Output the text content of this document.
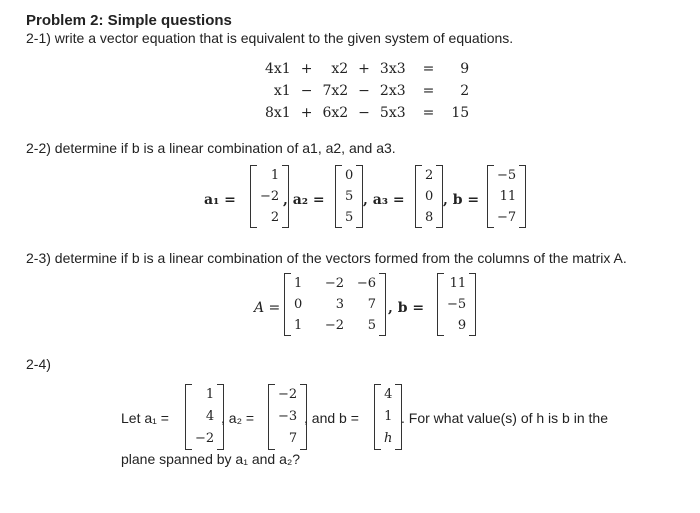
Problem 2: Simple questions
2-1) write a vector equation that is equivalent to the given system of equations.
4x1	+	x2	+	3x3	=	9
x1	−	7x2	−	2x3	=	2
8x1	+	6x2	−	5x3	=	15
2-2) determine if b is a linear combination of a1, a2, and a3.
a₁ =
1
−2
2
, a₂ =
0
5
5
, a₃ =
2
0
8
, b =
−5
11
−7
2-3) determine if b is a linear combination of the vectors formed from the columns of the matrix A.
A =
1	−2 −6
0	3	7
1	−2	5
, b =
11
−5
9
2-4)
Let a₁ =
1
4
−2
, a₂ =
−2
−3
7
, and b =
4
1
h
. For what value(s) of h is b in the
plane spanned by a₁ and a₂?
